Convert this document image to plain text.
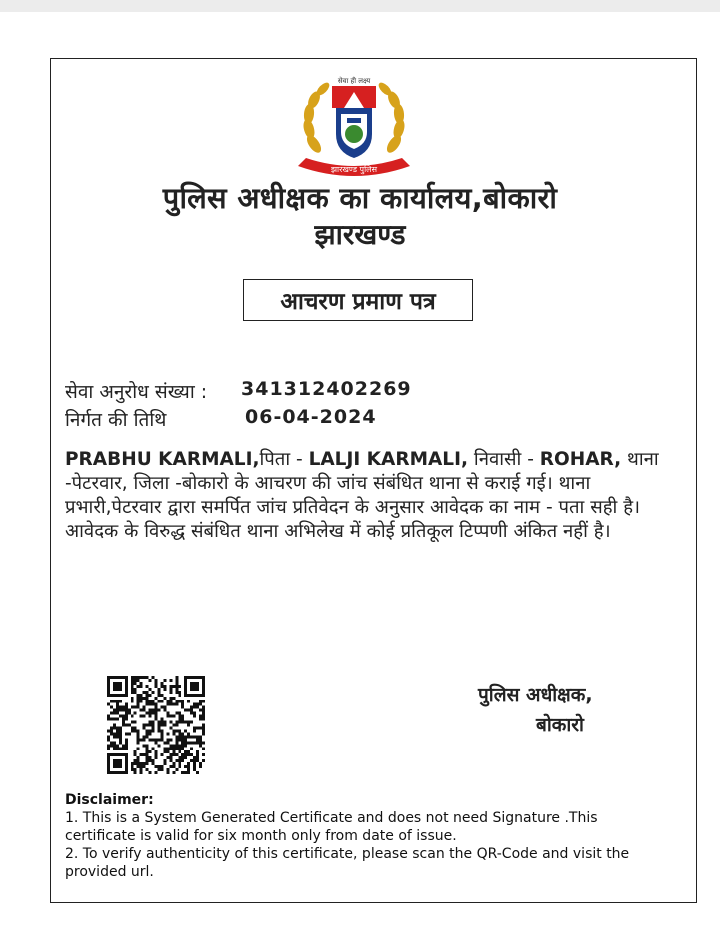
सेवा ही लक्ष्य
झारखण्ड पुलिस
पुलिस अधीक्षक का कार्यालय,बोकारो
झारखण्ड
आचरण प्रमाण पत्र
सेवा अनुरोध संख्या : 341312402269
निर्गत की तिथि	06-04-2024
PRABHU KARMALI,पिता - LALJI KARMALI, निवासी - ROHAR, थाना -पेटरवार, जिला -बोकारो के आचरण की जांच संबंधित थाना से कराई गई। थाना प्रभारी,पेटरवार द्वारा समर्पित जांच प्रतिवेदन के अनुसार आवेदक का नाम - पता सही है। आवेदक के विरुद्ध संबंधित थाना अभिलेख में कोई प्रतिकूल टिप्पणी अंकित नहीं है।
पुलिस अधीक्षक,
बोकारो
Disclaimer:
1. This is a System Generated Certificate and does not need Signature .This certificate is valid for six month only from date of issue.
2. To verify authenticity of this certificate, please scan the QR-Code and visit the provided url.
